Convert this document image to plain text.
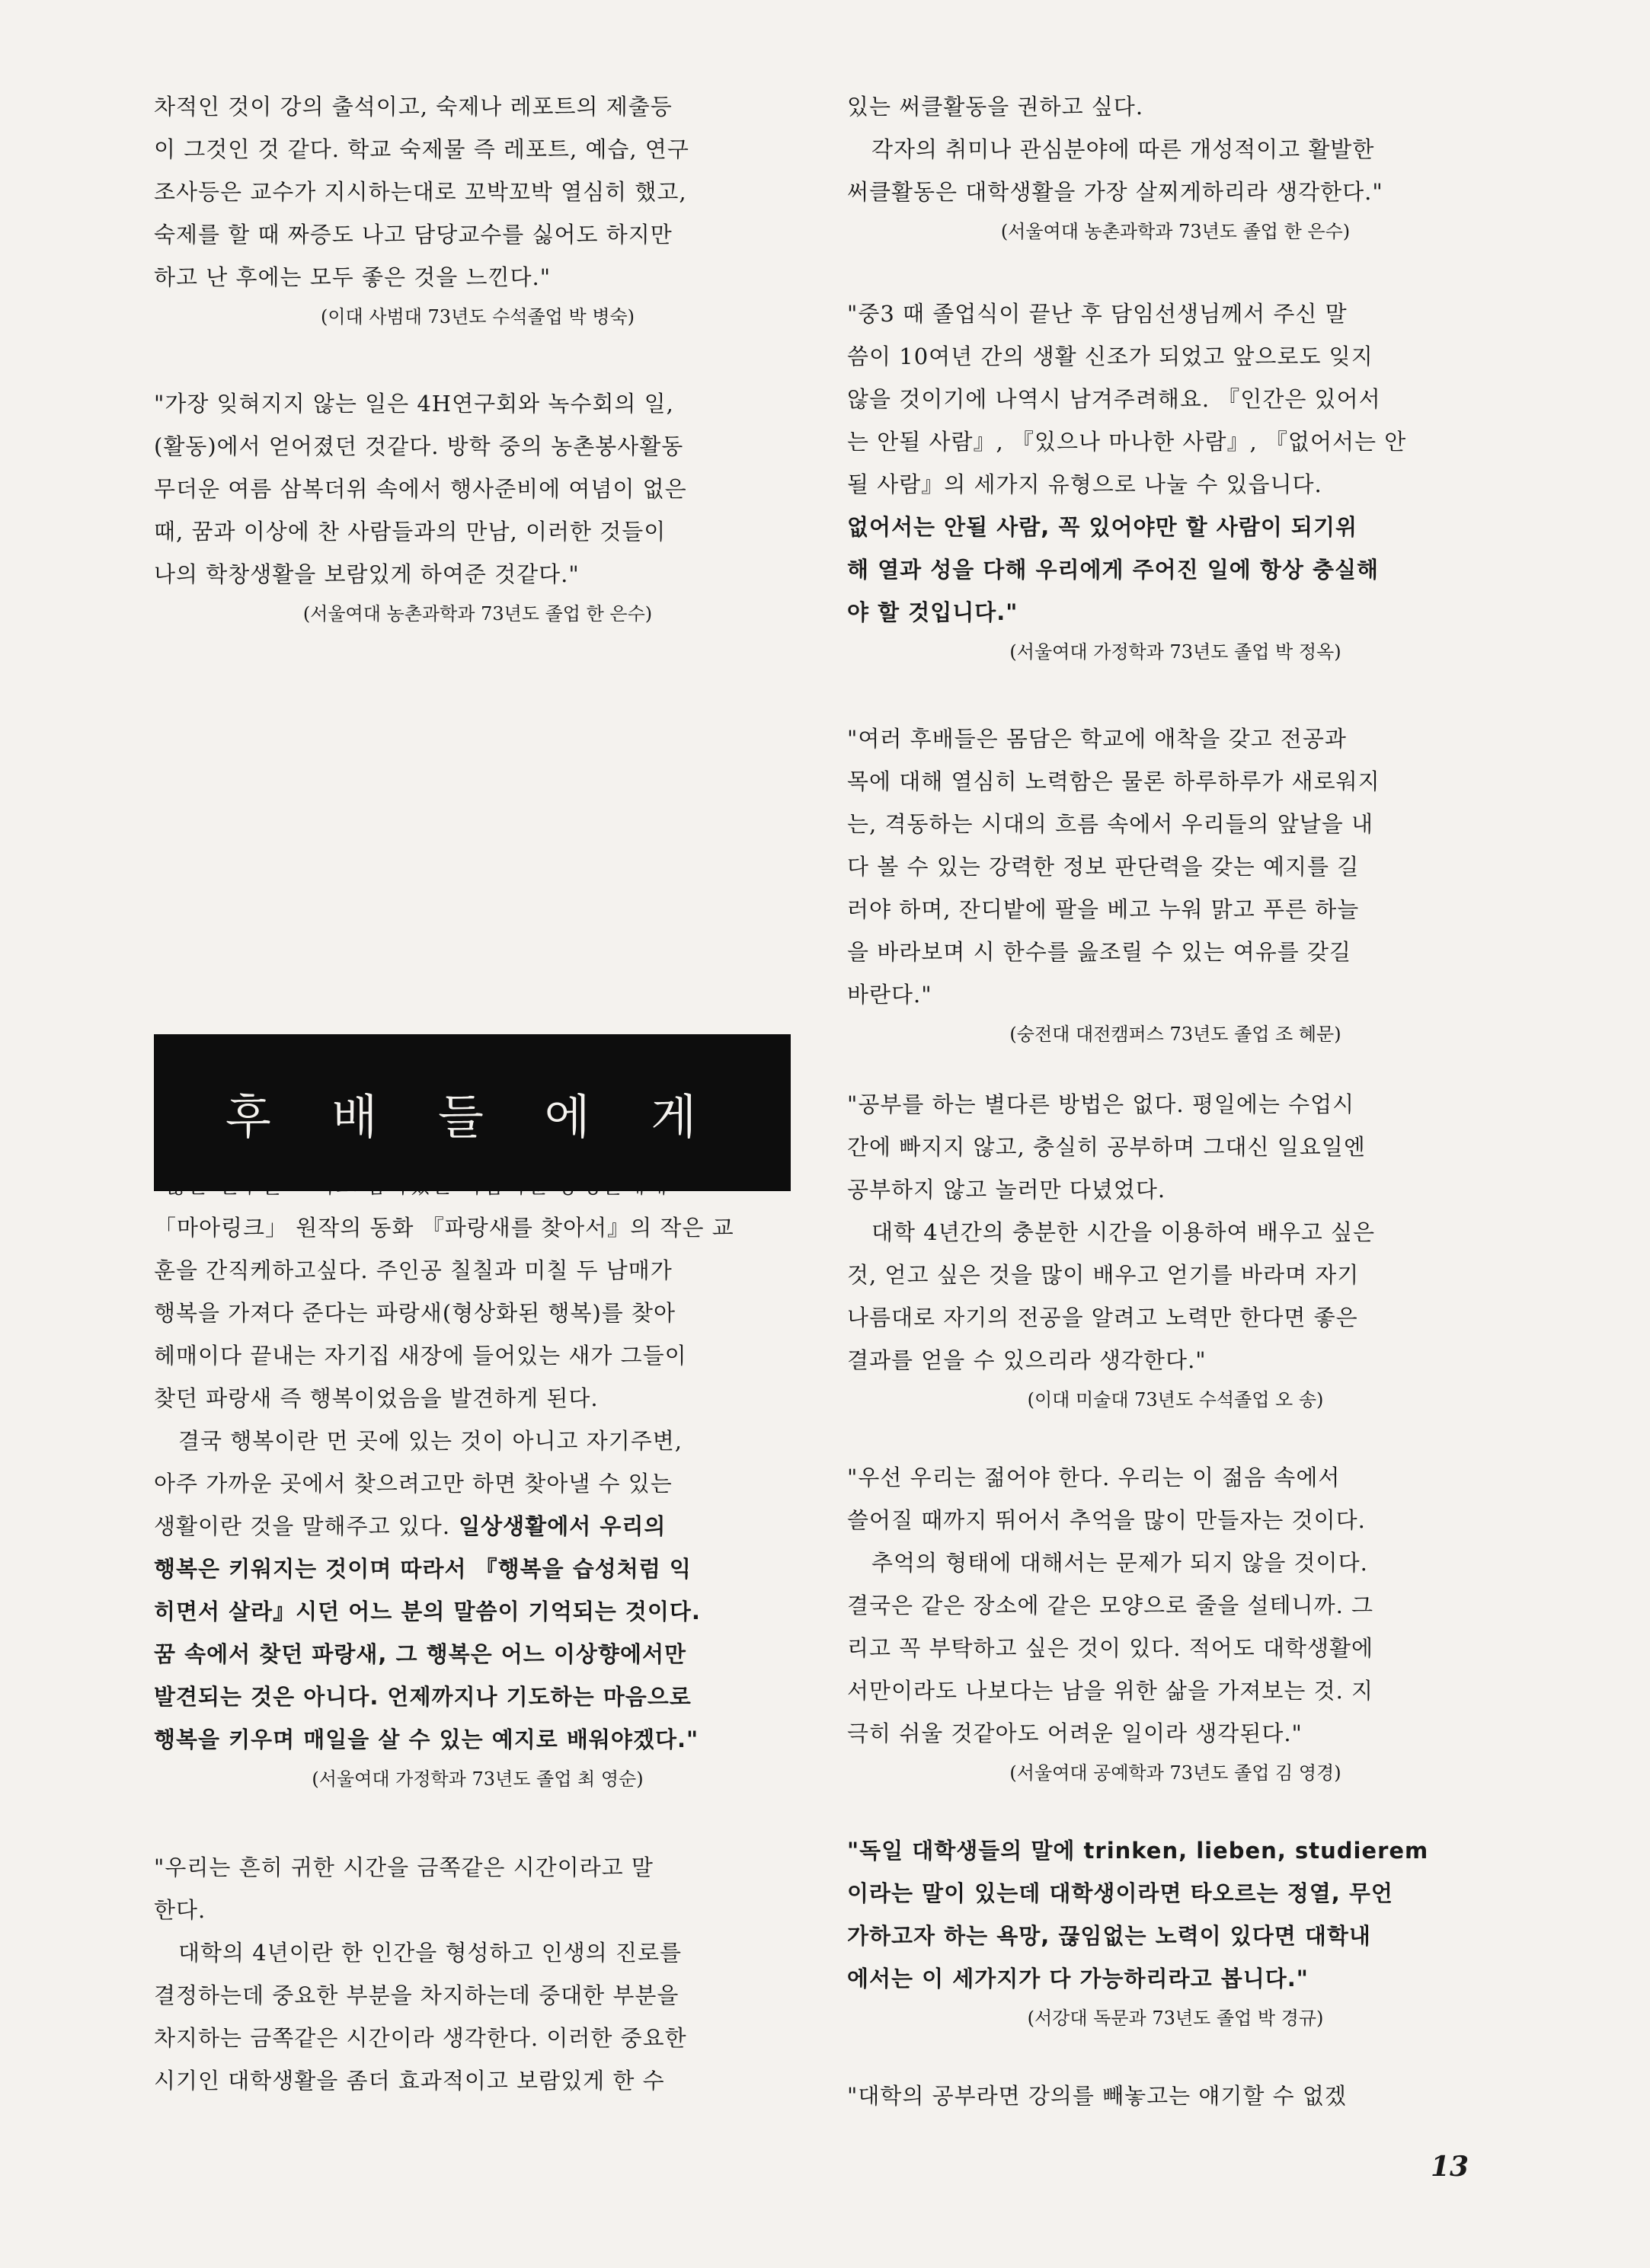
차적인 것이 강의 출석이고, 숙제나 레포트의 제출등

이 그것인 것 같다. 학교 숙제물 즉 레포트, 예습, 연구

조사등은 교수가 지시하는대로 꼬박꼬박 열심히 했고,

숙제를 할 때 짜증도 나고 담당교수를 싫어도 하지만

하고 난 후에는 모두 좋은 것을 느낀다."

(이대 사범대 73년도 수석졸업 박 병숙)

"가장 잊혀지지 않는 일은 4H연구회와 녹수회의 일,

(활동)에서 얻어졌던 것같다. 방학 중의 농촌봉사활동

무더운 여름 삼복더위 속에서 행사준비에 여념이 없은

때, 꿈과 이상에 찬 사람들과의 만남, 이러한 것들이

나의 학창생활을 보람있게 하여준 것같다."

(서울여대 농촌과학과 73년도 졸업 한 은수)

「마아링크」 원작의 동화 『파랑새를 찾아서』의 작은 교

훈을 간직케하고싶다. 주인공 칠칠과 미칠 두 남매가

행복을 가져다 준다는 파랑새(형상화된 행복)를 찾아

헤매이다 끝내는 자기집 새장에 들어있는 새가 그들이

찾던 파랑새 즉 행복이었음을 발견하게 된다.

결국 행복이란 먼 곳에 있는 것이 아니고 자기주변,

아주 가까운 곳에서 찾으려고만 하면 찾아낼 수 있는

생활이란 것을 말해주고 있다. 일상생활에서 우리의

행복은 키워지는 것이며 따라서 『행복을 습성처럼 익

히면서 살라』시던 어느 분의 말씀이 기억되는 것이다.

꿈 속에서 찾던 파랑새, 그 행복은 어느 이상향에서만

발견되는 것은 아니다. 언제까지나 기도하는 마음으로

행복을 키우며 매일을 살 수 있는 예지로 배워야겠다."

(서울여대 가정학과 73년도 졸업 최 영순)

"우리는 흔히 귀한 시간을 금쪽같은 시간이라고 말

한다.

대학의 4년이란 한 인간을 형성하고 인생의 진로를

결정하는데 중요한 부분을 차지하는데 중대한 부분을

차지하는 금쪽같은 시간이라 생각한다. 이러한 중요한

시기인 대학생활을 좀더 효과적이고 보람있게 한 수

후 배 들 에 게

있는 써클활동을 권하고 싶다.

각자의 취미나 관심분야에 따른 개성적이고 활발한

써클활동은 대학생활을 가장 살찌게하리라 생각한다."

(서울여대 농촌과학과 73년도 졸업 한 은수)

"중3 때 졸업식이 끝난 후 담임선생님께서 주신 말

씀이 10여년 간의 생활 신조가 되었고 앞으로도 잊지

않을 것이기에 나역시 남겨주려해요. 『인간은 있어서

는 안될 사람』, 『있으나 마나한 사람』, 『없어서는 안

될 사람』의 세가지 유형으로 나눌 수 있읍니다.

없어서는 안될 사람, 꼭 있어야만 할 사람이 되기위

해 열과 성을 다해 우리에게 주어진 일에 항상 충실해

야 할 것입니다."

(서울여대 가정학과 73년도 졸업 박 정옥)

"여러 후배들은 몸담은 학교에 애착을 갖고 전공과

목에 대해 열심히 노력함은 물론 하루하루가 새로워지

는, 격동하는 시대의 흐름 속에서 우리들의 앞날을 내

다 볼 수 있는 강력한 정보 판단력을 갖는 예지를 길

러야 하며, 잔디밭에 팔을 베고 누워 맑고 푸른 하늘

을 바라보며 시 한수를 읊조릴 수 있는 여유를 갖길

바란다."

(숭전대 대전캠퍼스 73년도 졸업 조 혜문)

"공부를 하는 별다른 방법은 없다. 평일에는 수업시

간에 빠지지 않고, 충실히 공부하며 그대신 일요일엔

공부하지 않고 놀러만 다녔었다.

대학 4년간의 충분한 시간을 이용하여 배우고 싶은

것, 얻고 싶은 것을 많이 배우고 얻기를 바라며 자기

나름대로 자기의 전공을 알려고 노력만 한다면 좋은

결과를 얻을 수 있으리라 생각한다."

(이대 미술대 73년도 수석졸업 오 송)

"우선 우리는 젊어야 한다. 우리는 이 젊음 속에서

쓸어질 때까지 뛰어서 추억을 많이 만들자는 것이다.

추억의 형태에 대해서는 문제가 되지 않을 것이다.

결국은 같은 장소에 같은 모양으로 줄을 설테니까. 그

리고 꼭 부탁하고 싶은 것이 있다. 적어도 대학생활에

서만이라도 나보다는 남을 위한 삶을 가져보는 것. 지

극히 쉬울 것같아도 어려운 일이라 생각된다."

(서울여대 공예학과 73년도 졸업 김 영경)

"독일 대학생들의 말에 trinken, lieben, studierem

이라는 말이 있는데 대학생이라면 타오르는 정열, 무언

가하고자 하는 욕망, 끊임없는 노력이 있다면 대학내

에서는 이 세가지가 다 가능하리라고 봅니다."

(서강대 독문과 73년도 졸업 박 경규)

"대학의 공부라면 강의를 빼놓고는 얘기할 수 없겠

13
